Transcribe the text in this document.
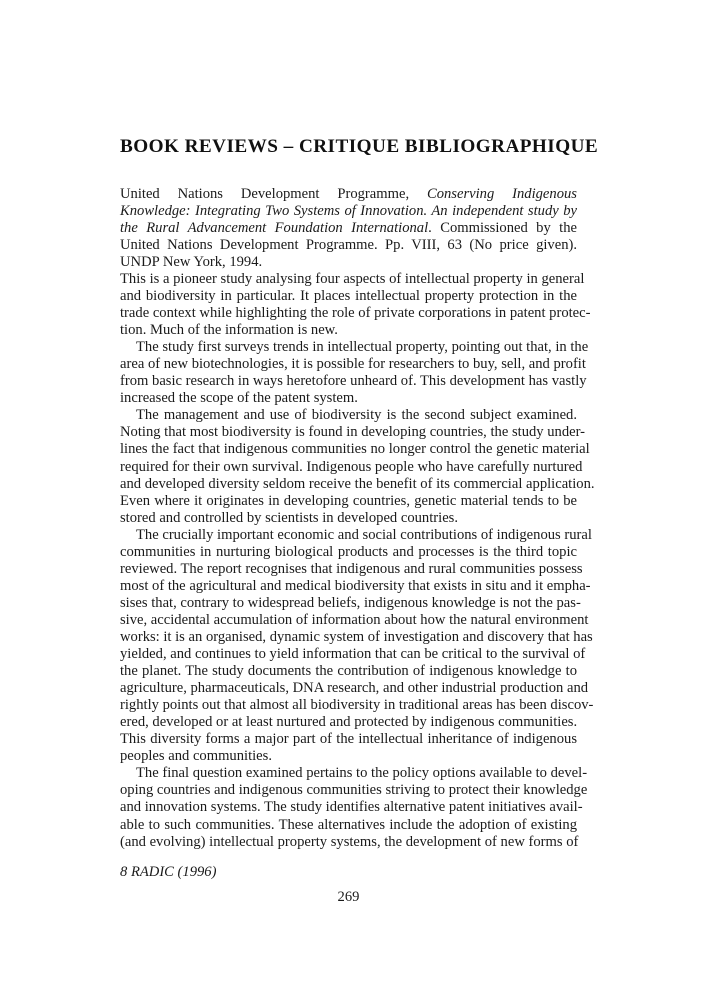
BOOK REVIEWS – CRITIQUE BIBLIOGRAPHIQUE
United Nations Development Programme, Conserving Indigenous Knowledge: Integrating Two Systems of Innovation. An independent study by the Rural Advancement Foundation International. Commissioned by the United Nations Development Programme. Pp. VIII, 63 (No price given). UNDP New York, 1994.

This is a pioneer study analysing four aspects of intellectual property in general
and biodiversity in particular. It places intellectual property protection in the
trade context while highlighting the role of private corporations in patent protec-
tion. Much of the information is new.

The study first surveys trends in intellectual property, pointing out that, in the
area of new biotechnologies, it is possible for researchers to buy, sell, and profit
from basic research in ways heretofore unheard of. This development has vastly
increased the scope of the patent system.

The management and use of biodiversity is the second subject examined.
Noting that most biodiversity is found in developing countries, the study under-
lines the fact that indigenous communities no longer control the genetic material
required for their own survival. Indigenous people who have carefully nurtured
and developed diversity seldom receive the benefit of its commercial application.
Even where it originates in developing countries, genetic material tends to be
stored and controlled by scientists in developed countries.

The crucially important economic and social contributions of indigenous rural
communities in nurturing biological products and processes is the third topic
reviewed. The report recognises that indigenous and rural communities possess
most of the agricultural and medical biodiversity that exists in situ and it empha-
sises that, contrary to widespread beliefs, indigenous knowledge is not the pas-
sive, accidental accumulation of information about how the natural environment
works: it is an organised, dynamic system of investigation and discovery that has
yielded, and continues to yield information that can be critical to the survival of
the planet. The study documents the contribution of indigenous knowledge to
agriculture, pharmaceuticals, DNA research, and other industrial production and
rightly points out that almost all biodiversity in traditional areas has been discov-
ered, developed or at least nurtured and protected by indigenous communities.
This diversity forms a major part of the intellectual inheritance of indigenous
peoples and communities.

The final question examined pertains to the policy options available to devel-
oping countries and indigenous communities striving to protect their knowledge
and innovation systems. The study identifies alternative patent initiatives avail-
able to such communities. These alternatives include the adoption of existing
(and evolving) intellectual property systems, the development of new forms of

8 RADIC (1996)
269
